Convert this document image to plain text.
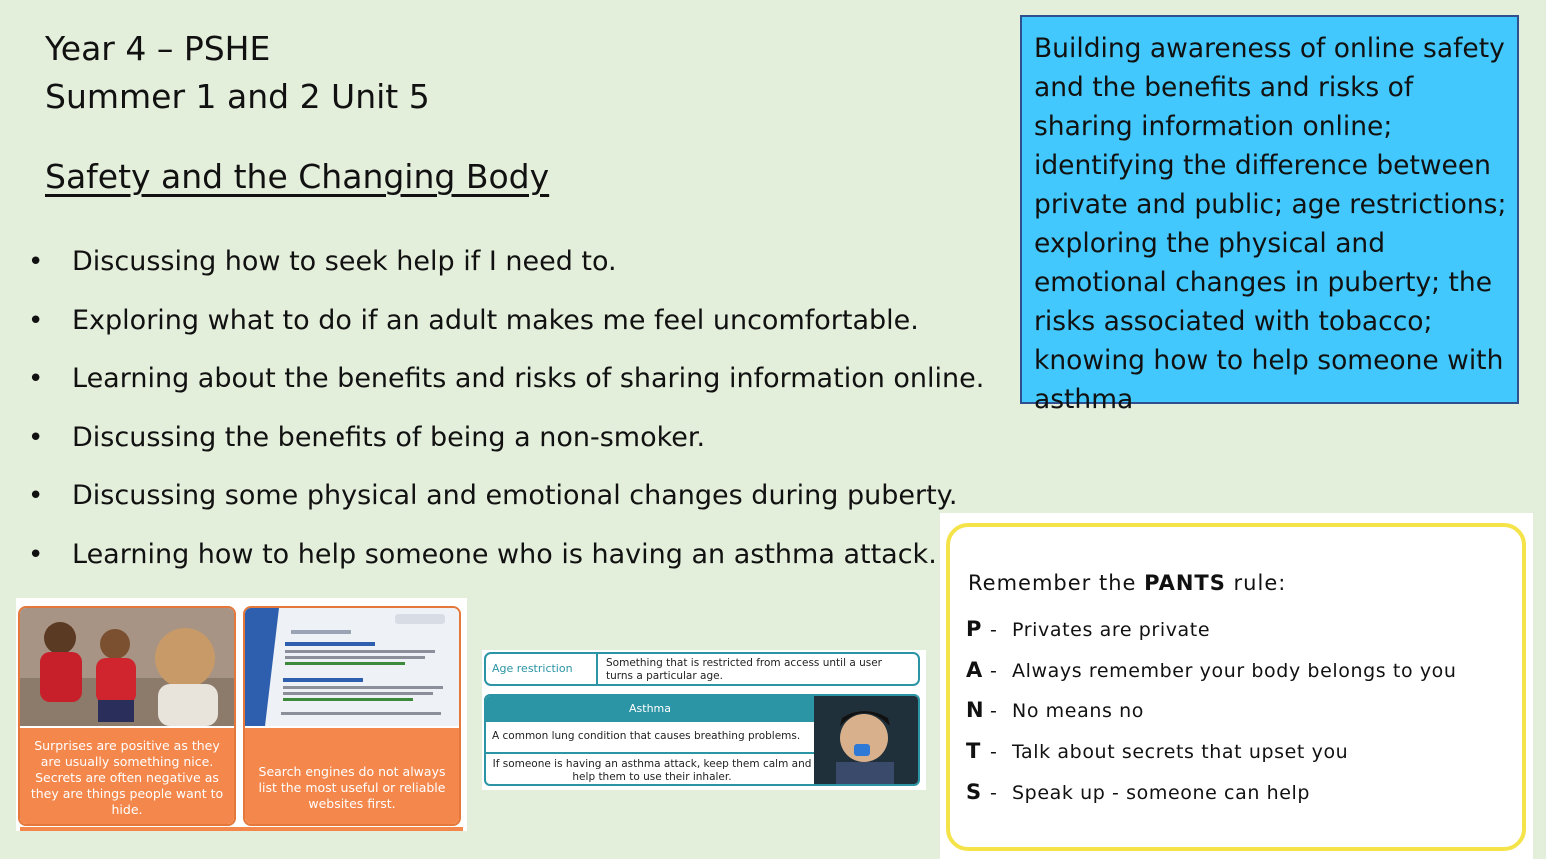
Year 4 – PSHE
Summer 1 and 2 Unit 5
Safety and the Changing Body
• Discussing how to seek help if I need to.
• Exploring what to do if an adult makes me feel uncomfortable.
• Learning about the benefits and risks of sharing information online.
• Discussing the benefits of being a non-smoker.
• Discussing some physical and emotional changes during puberty.
• Learning how to help someone who is having an asthma attack.
Building awareness of online safety and the benefits and risks of sharing information online; identifying the difference between private and public; age restrictions; exploring the physical and emotional changes in puberty; the risks associated with tobacco; knowing how to help someone with asthma
Surprises are positive as they are usually something nice. Secrets are often negative as they are things people want to hide.
Search engines do not always list the most useful or reliable websites first.
Age restriction	Something that is restricted from access until a user turns a particular age.
Asthma
A common lung condition that causes breathing problems.
If someone is having an asthma attack, keep them calm and help them to use their inhaler.
Remember the PANTS rule:
P - Privates are private
A - Always remember your body belongs to you
N - No means no
T - Talk about secrets that upset you
S - Speak up - someone can help
